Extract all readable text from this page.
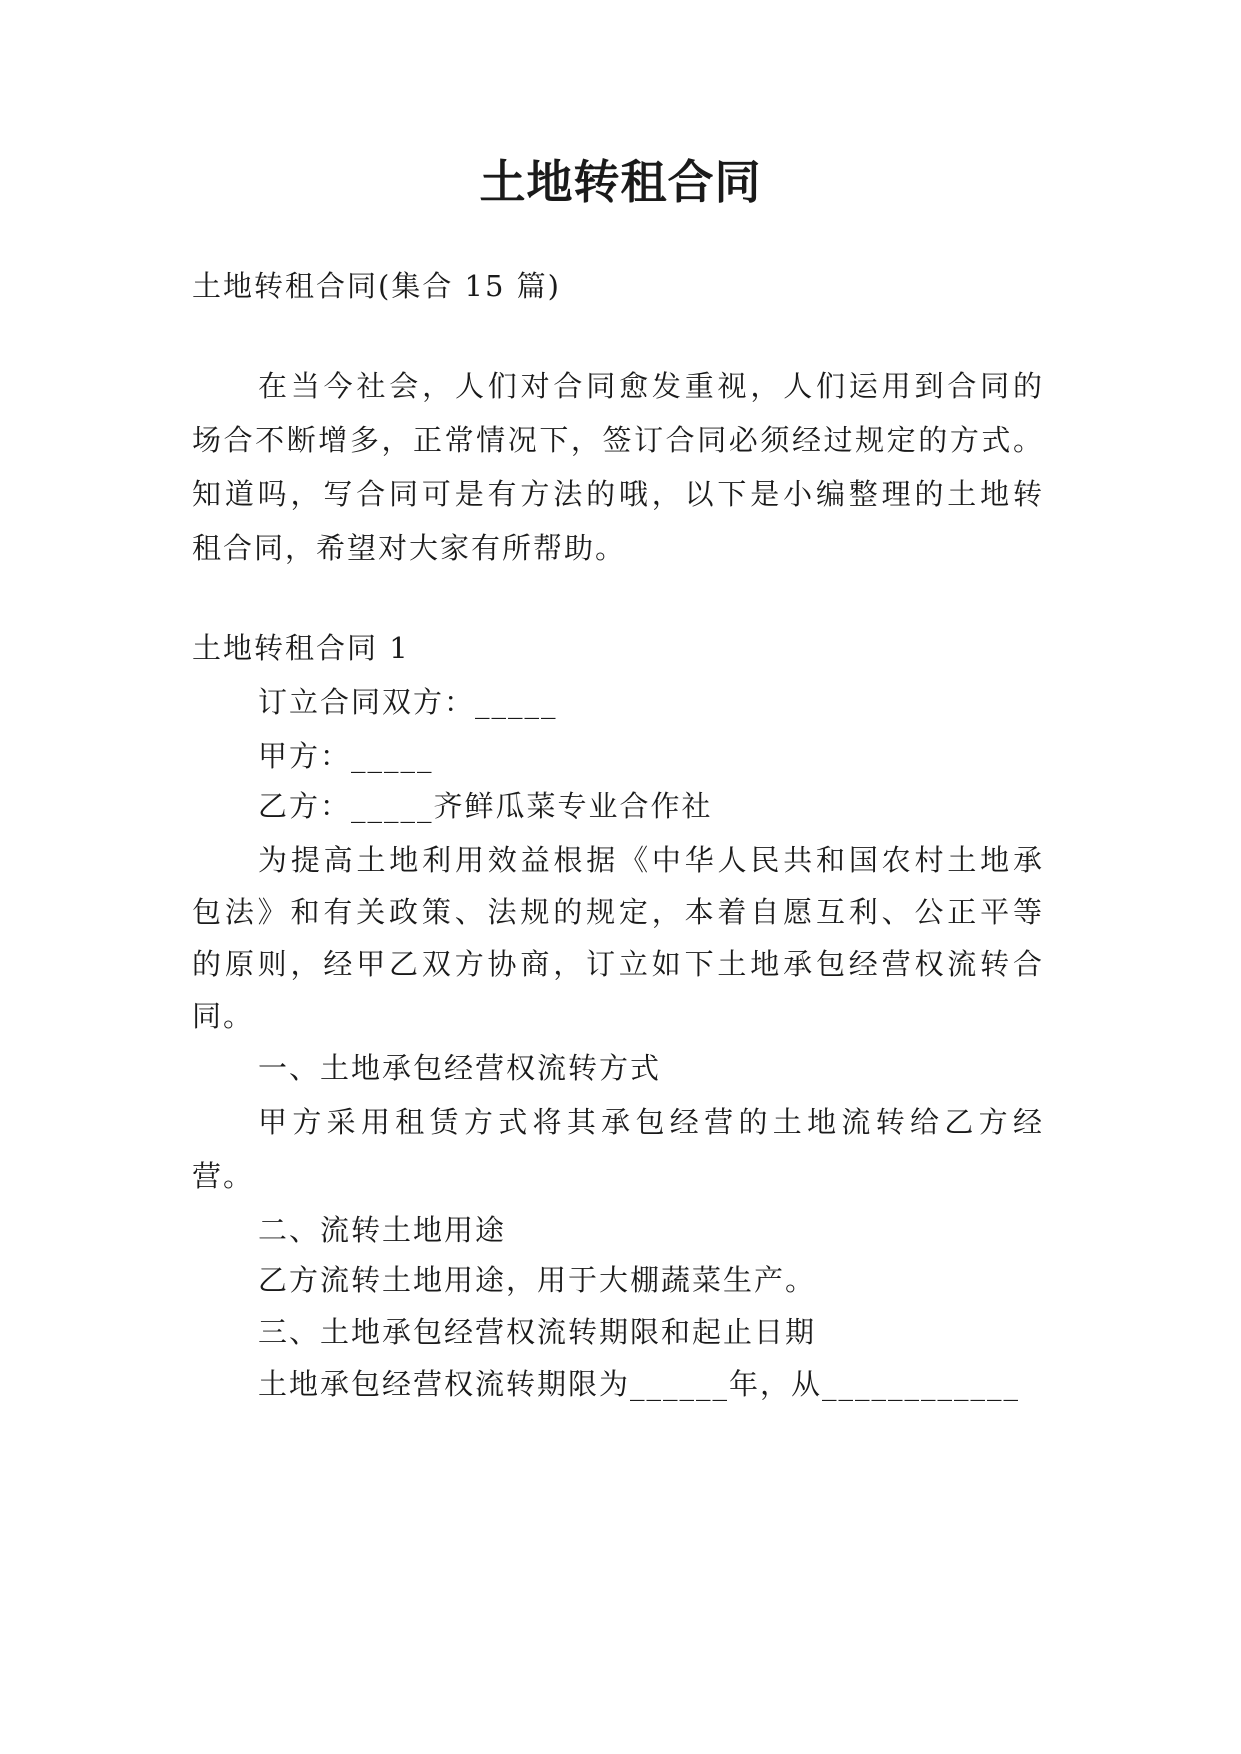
土地转租合同
土地转租合同(集合 15 篇)
在当今社会，人们对合同愈发重视，人们运用到合同的
场合不断增多，正常情况下，签订合同必须经过规定的方式。
知道吗，写合同可是有方法的哦，以下是小编整理的土地转
租合同，希望对大家有所帮助。
土地转租合同 1
订立合同双方：_____
甲方：_____
乙方：_____齐鲜瓜菜专业合作社
为提高土地利用效益根据《中华人民共和国农村土地承
包法》和有关政策、法规的规定，本着自愿互利、公正平等
的原则，经甲乙双方协商，订立如下土地承包经营权流转合
同。
一、土地承包经营权流转方式
甲方采用租赁方式将其承包经营的土地流转给乙方经
营。
二、流转土地用途
乙方流转土地用途，用于大棚蔬菜生产。
三、土地承包经营权流转期限和起止日期
土地承包经营权流转期限为______年，从____________
